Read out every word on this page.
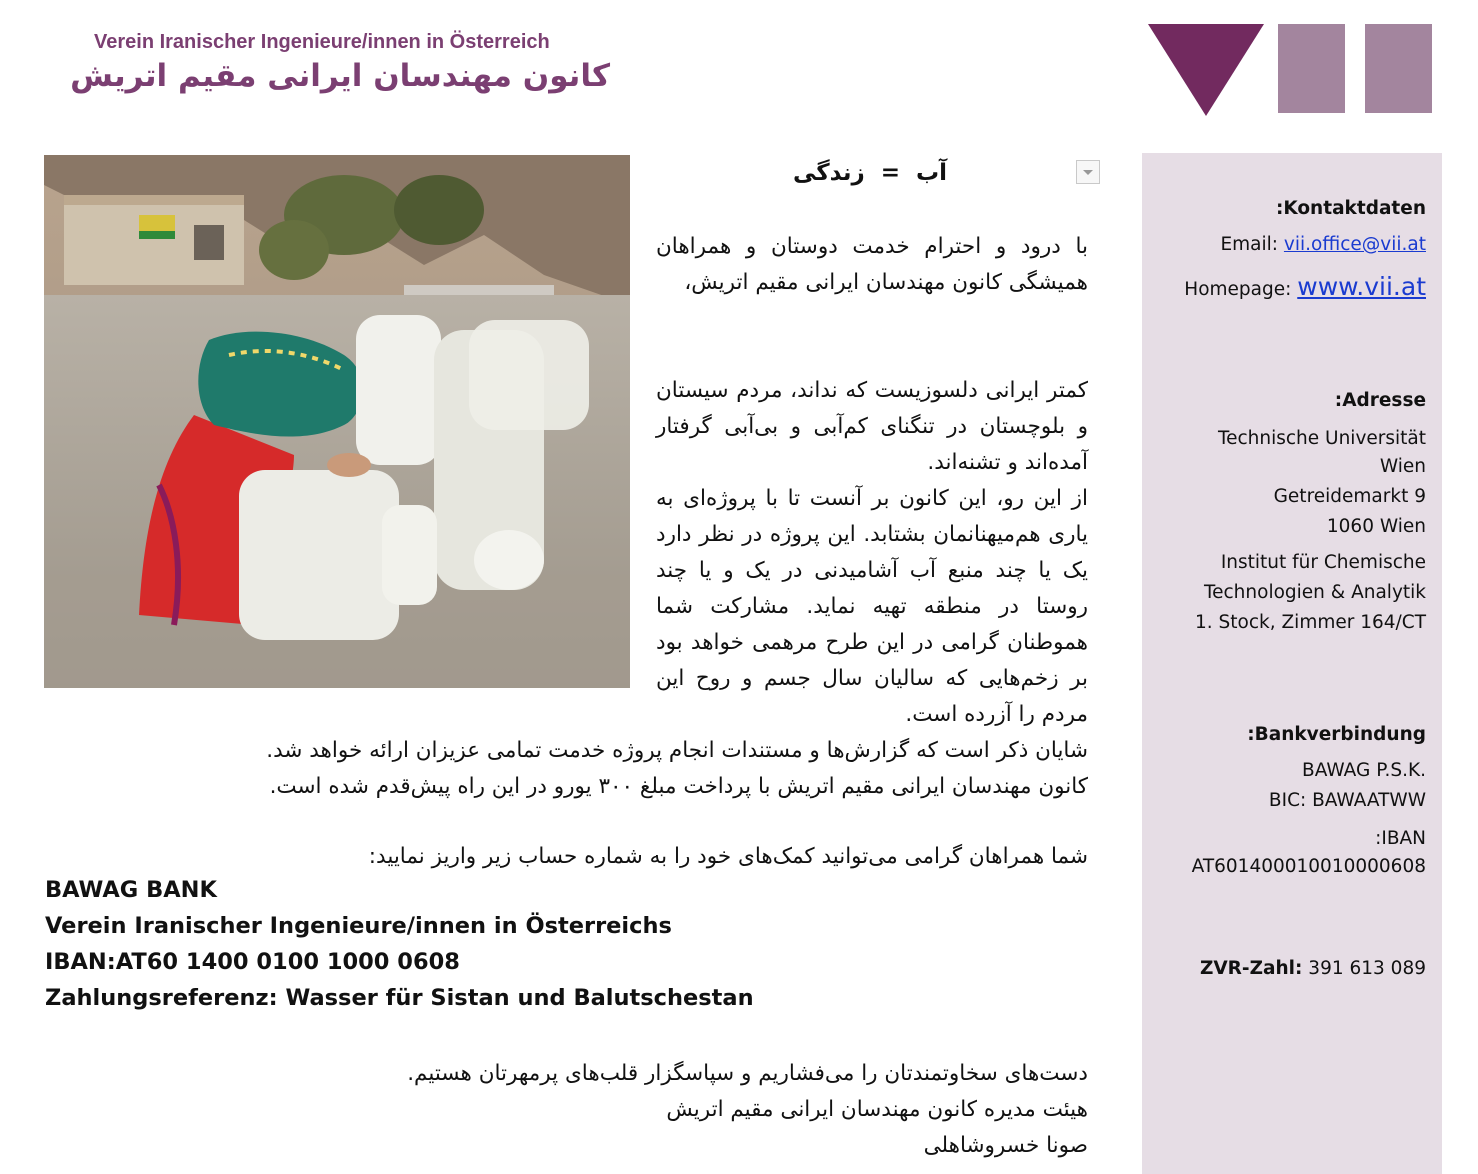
Verein Iranischer Ingenieure/innen in Österreich
کانون مهندسان ایرانی مقیم اتریش
آب=زندگی
با درود و احترام خدمت دوستان و همراهان همیشگی کانون مهندسان ایرانی مقیم اتریش،
کمتر ایرانی دلسوزیست که نداند، مردم سیستان و بلوچستان در تنگنای کم‌آبی و بی‌آبی گرفتار آمده‌اند و تشنه‌اند.
از این رو، این کانون بر آنست تا با پروژه‌ای به یاری هم‌میهنانمان بشتابد. این پروژه در نظر دارد یک یا چند منبع آب آشامیدنی در یک و یا چند روستا در منطقه تهیه نماید. مشارکت شما هموطنان گرامی در این طرح مرهمی خواهد بود بر زخم‌هایی که سالیان سال جسم و روح این مردم را آزرده است.
شایان ذکر است که گزارش‌ها و مستندات انجام پروژه خدمت تمامی عزیزان ارائه خواهد شد.
کانون مهندسان ایرانی مقیم اتریش با پرداخت مبلغ ۳۰۰ یورو در این راه پیش‌قدم شده است.
شما همراهان گرامی می‌توانید کمک‌های خود را به شماره حساب زیر واریز نمایید:
BAWAG BANK
Verein Iranischer Ingenieure/innen in Österreichs
IBAN:AT60 1400 0100 1000 0608
Zahlungsreferenz: Wasser für Sistan und Balutschestan
دست‌های سخاوتمندتان را می‌فشاریم و سپاسگزار قلب‌های پرمهرتان هستیم.
هیئت مدیره کانون مهندسان ایرانی مقیم اتریش
صونا خسروشاهلی
:Kontaktdaten
Email: vii.office@vii.at
Homepage: www.vii.at
:Adresse
Technische Universität
Wien
Getreidemarkt 9
1060 Wien
Institut für Chemische
Technologien & Analytik
1. Stock, Zimmer 164/CT
:Bankverbindung
BAWAG P.S.K.
BIC: BAWAATWW
:IBAN
AT601400010010000608
ZVR-Zahl: 391 613 089
